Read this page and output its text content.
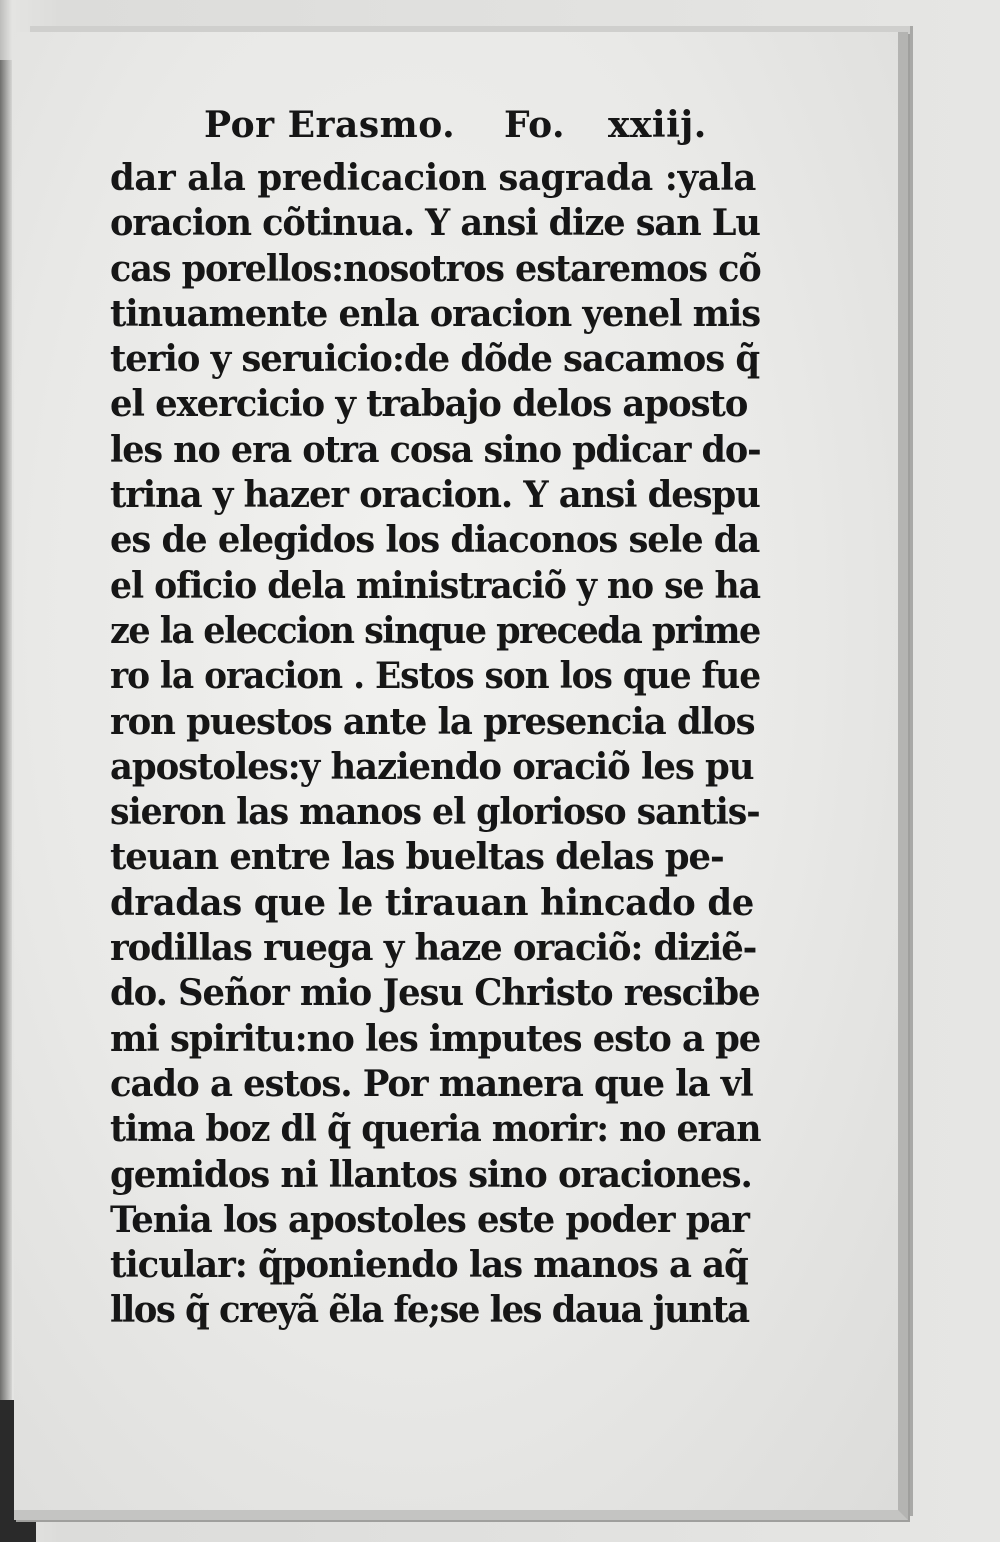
Por Erasmo.	Fo.	xxiij.
dar ala predicacion sagrada :yala
oracion cõtinua. Y ansi dize san Lu
cas porellos:nosotros estaremos cõ
tinuamente enla oracion yenel mis
terio y seruicio:de dõde sacamos q̃
el exercicio y trabajo delos aposto
les no era otra cosa sino pdicar do-
trina y hazer oracion. Y ansi despu
es de elegidos los diaconos sele da
el oficio dela ministraciõ y no se ha
ze la eleccion sinque preceda prime
ro la oracion . Estos son los que fue
ron puestos ante la presencia dlos
apostoles:y haziendo oraciõ les pu
sieron las manos el glorioso santis-
teuan entre las bueltas delas pe-
dradas que le tirauan hincado de
rodillas ruega y haze oraciõ: diziẽ-
do. Señor mio Jesu Christo rescibe
mi spiritu:no les imputes esto a pe
cado a estos. Por manera que la vl
tima boz dl q̃ queria morir: no eran
gemidos ni llantos sino oraciones.
Tenia los apostoles este poder par
ticular: q̃poniendo las manos a aq̃
llos q̃ creyã ẽla fe;se les daua junta
